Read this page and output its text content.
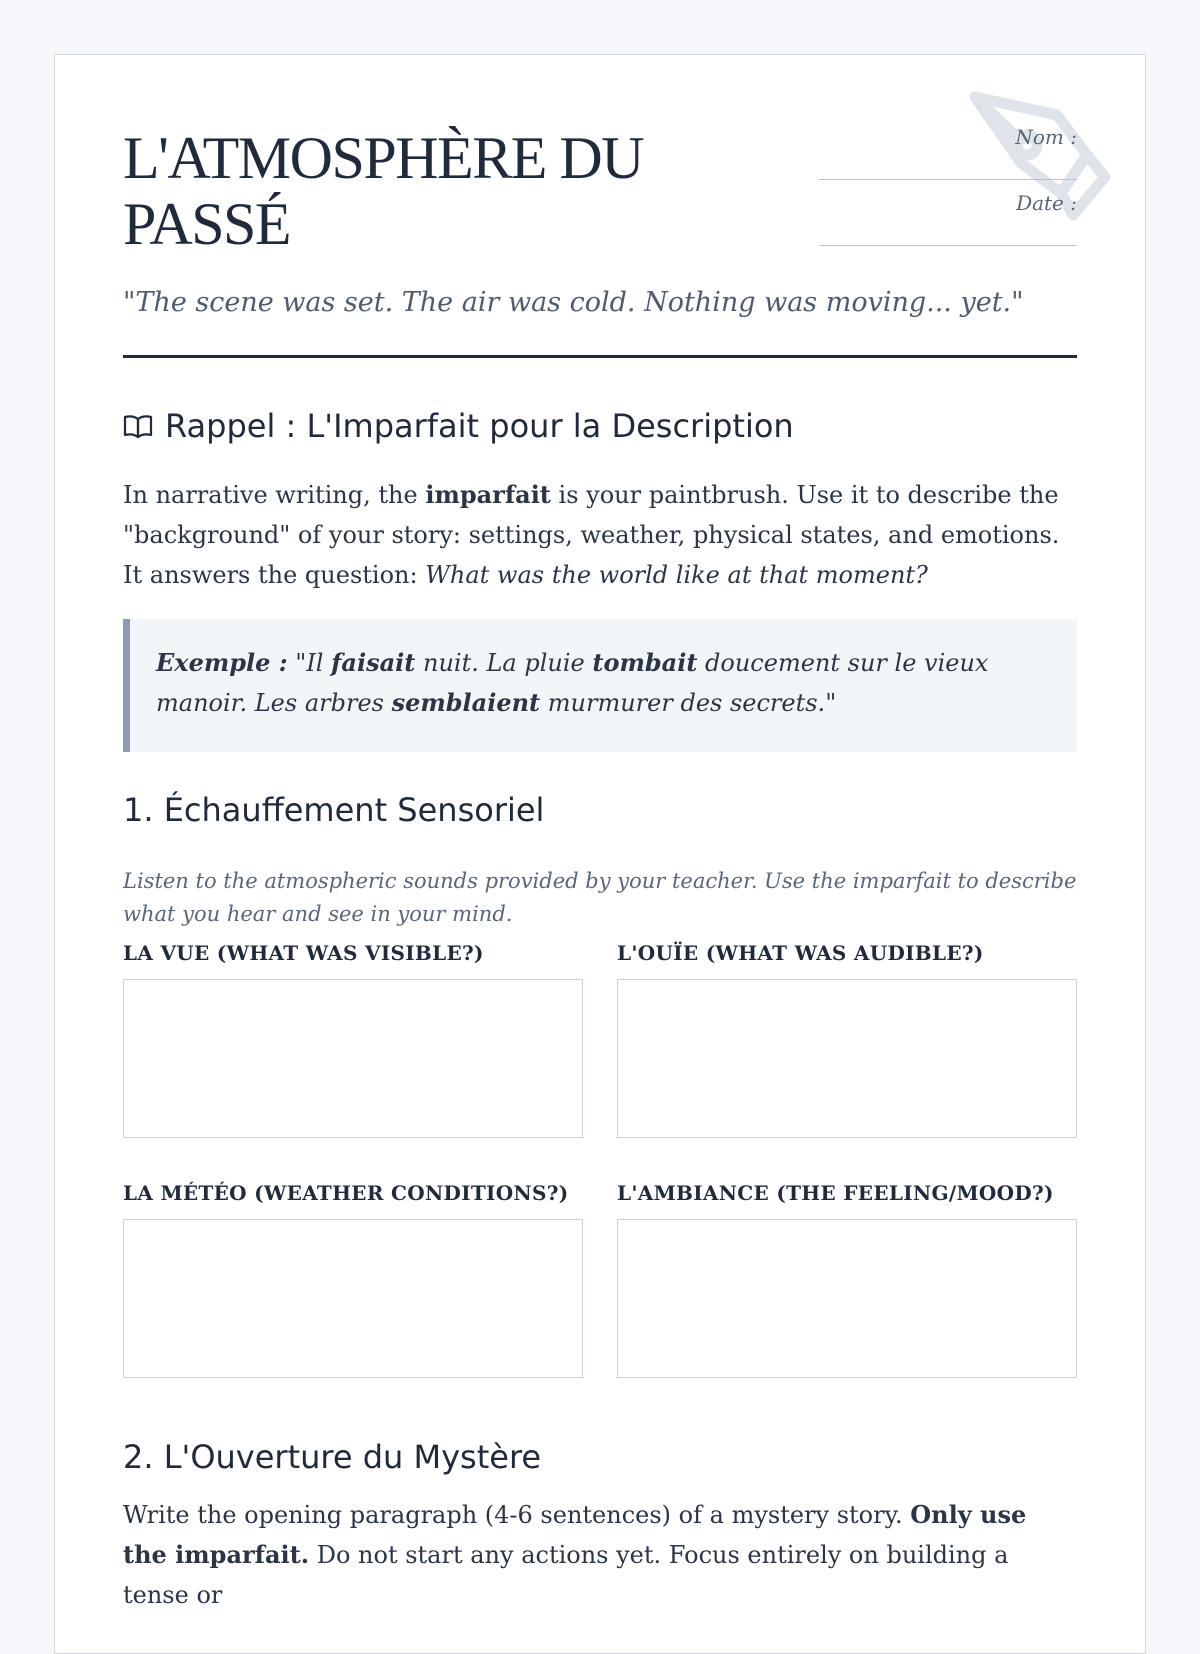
L'ATMOSPHÈRE DU PASSÉ
Nom :
Date :
"The scene was set. The air was cold. Nothing was moving... yet."
Rappel : L'Imparfait pour la Description
In narrative writing, the imparfait is your paintbrush. Use it to describe the "background" of your story: settings, weather, physical states, and emotions. It answers the question: What was the world like at that moment?
Exemple : "Il faisait nuit. La pluie tombait doucement sur le vieux manoir. Les arbres semblaient murmurer des secrets."
1. Échauffement Sensoriel
Listen to the atmospheric sounds provided by your teacher. Use the imparfait to describe what you hear and see in your mind.
LA VUE (WHAT WAS VISIBLE?)	L'OUÏE (WHAT WAS AUDIBLE?)
LA MÉTÉO (WEATHER CONDITIONS?)	L'AMBIANCE (THE FEELING/MOOD?)
2. L'Ouverture du Mystère
Write the opening paragraph (4-6 sentences) of a mystery story. Only use the imparfait. Do not start any actions yet. Focus entirely on building a tense or
